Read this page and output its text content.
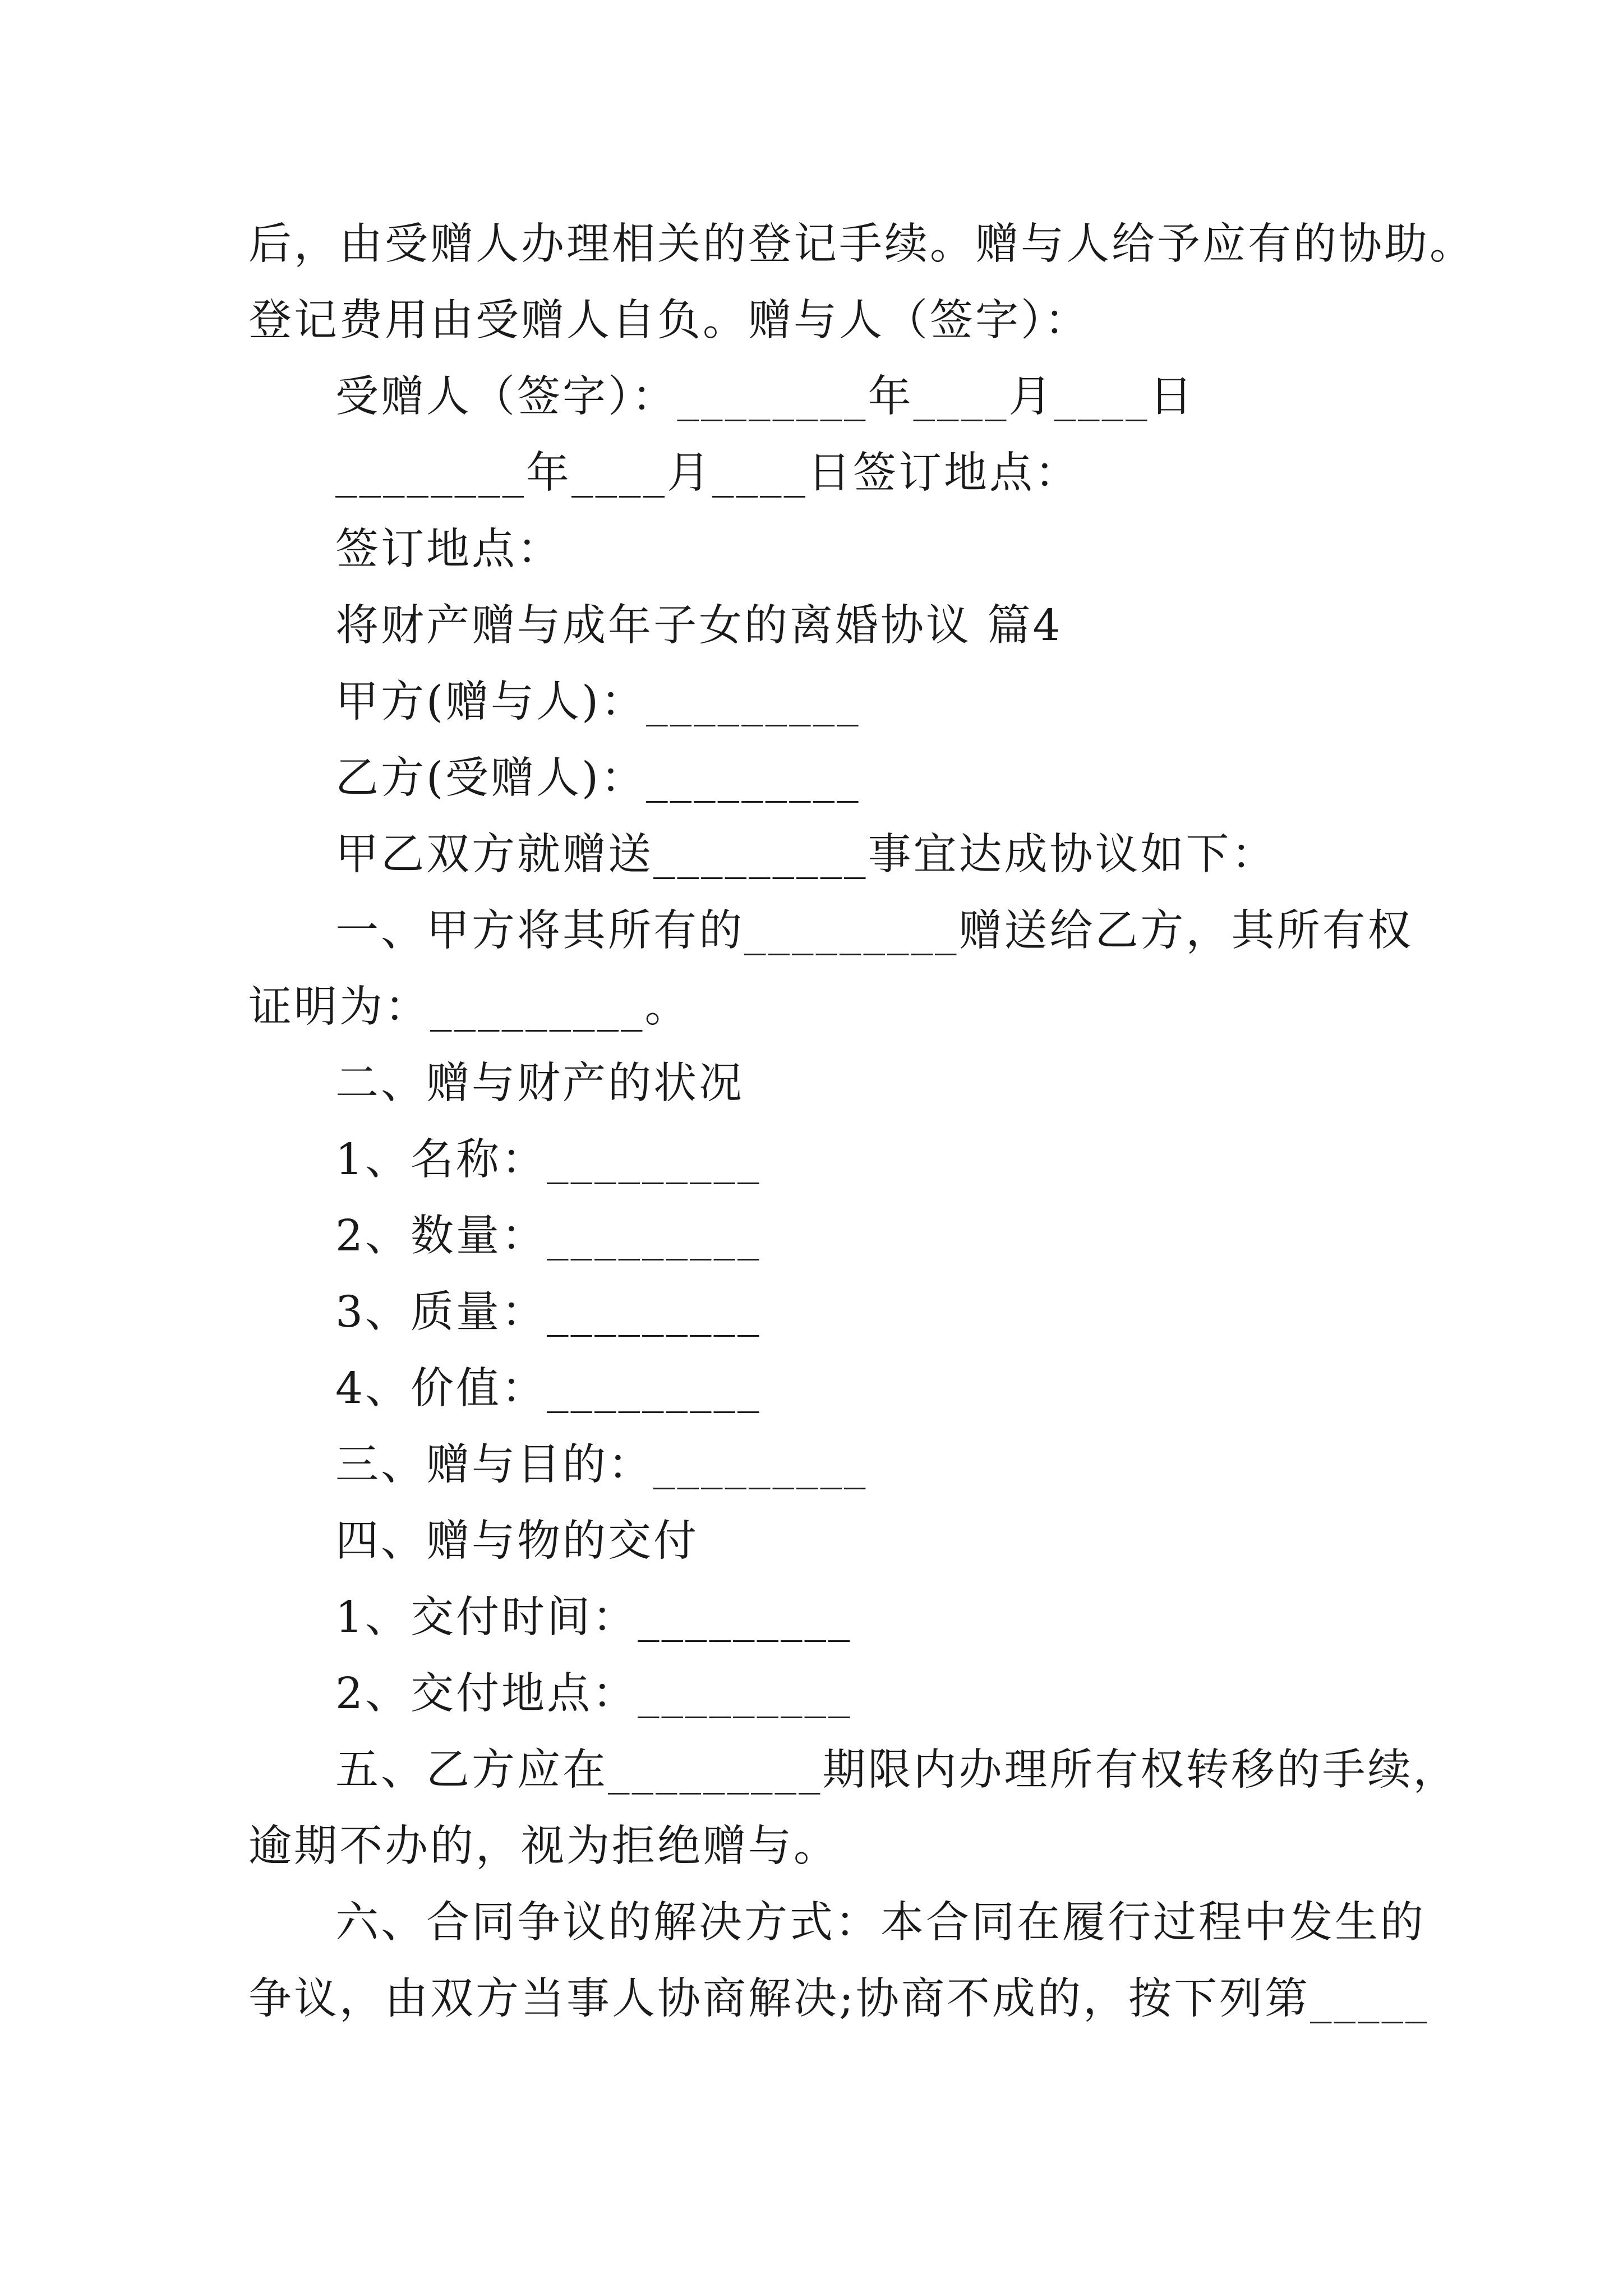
后，由受赠人办理相关的登记手续。赠与人给予应有的协助。
登记费用由受赠人自负。赠与人（签字）：
受赠人（签字）：________年____月____日
________年____月____日签订地点：
签订地点：
将财产赠与成年子女的离婚协议 篇4
甲方(赠与人)：_________
乙方(受赠人)：_________
甲乙双方就赠送_________事宜达成协议如下：
一、甲方将其所有的_________赠送给乙方，其所有权
证明为：_________。
二、赠与财产的状况
1、名称：_________
2、数量：_________
3、质量：_________
4、价值：_________
三、赠与目的：_________
四、赠与物的交付
1、交付时间：_________
2、交付地点：_________
五、乙方应在_________期限内办理所有权转移的手续，
逾期不办的，视为拒绝赠与。
六、合同争议的解决方式：本合同在履行过程中发生的
争议，由双方当事人协商解决;协商不成的，按下列第_____
